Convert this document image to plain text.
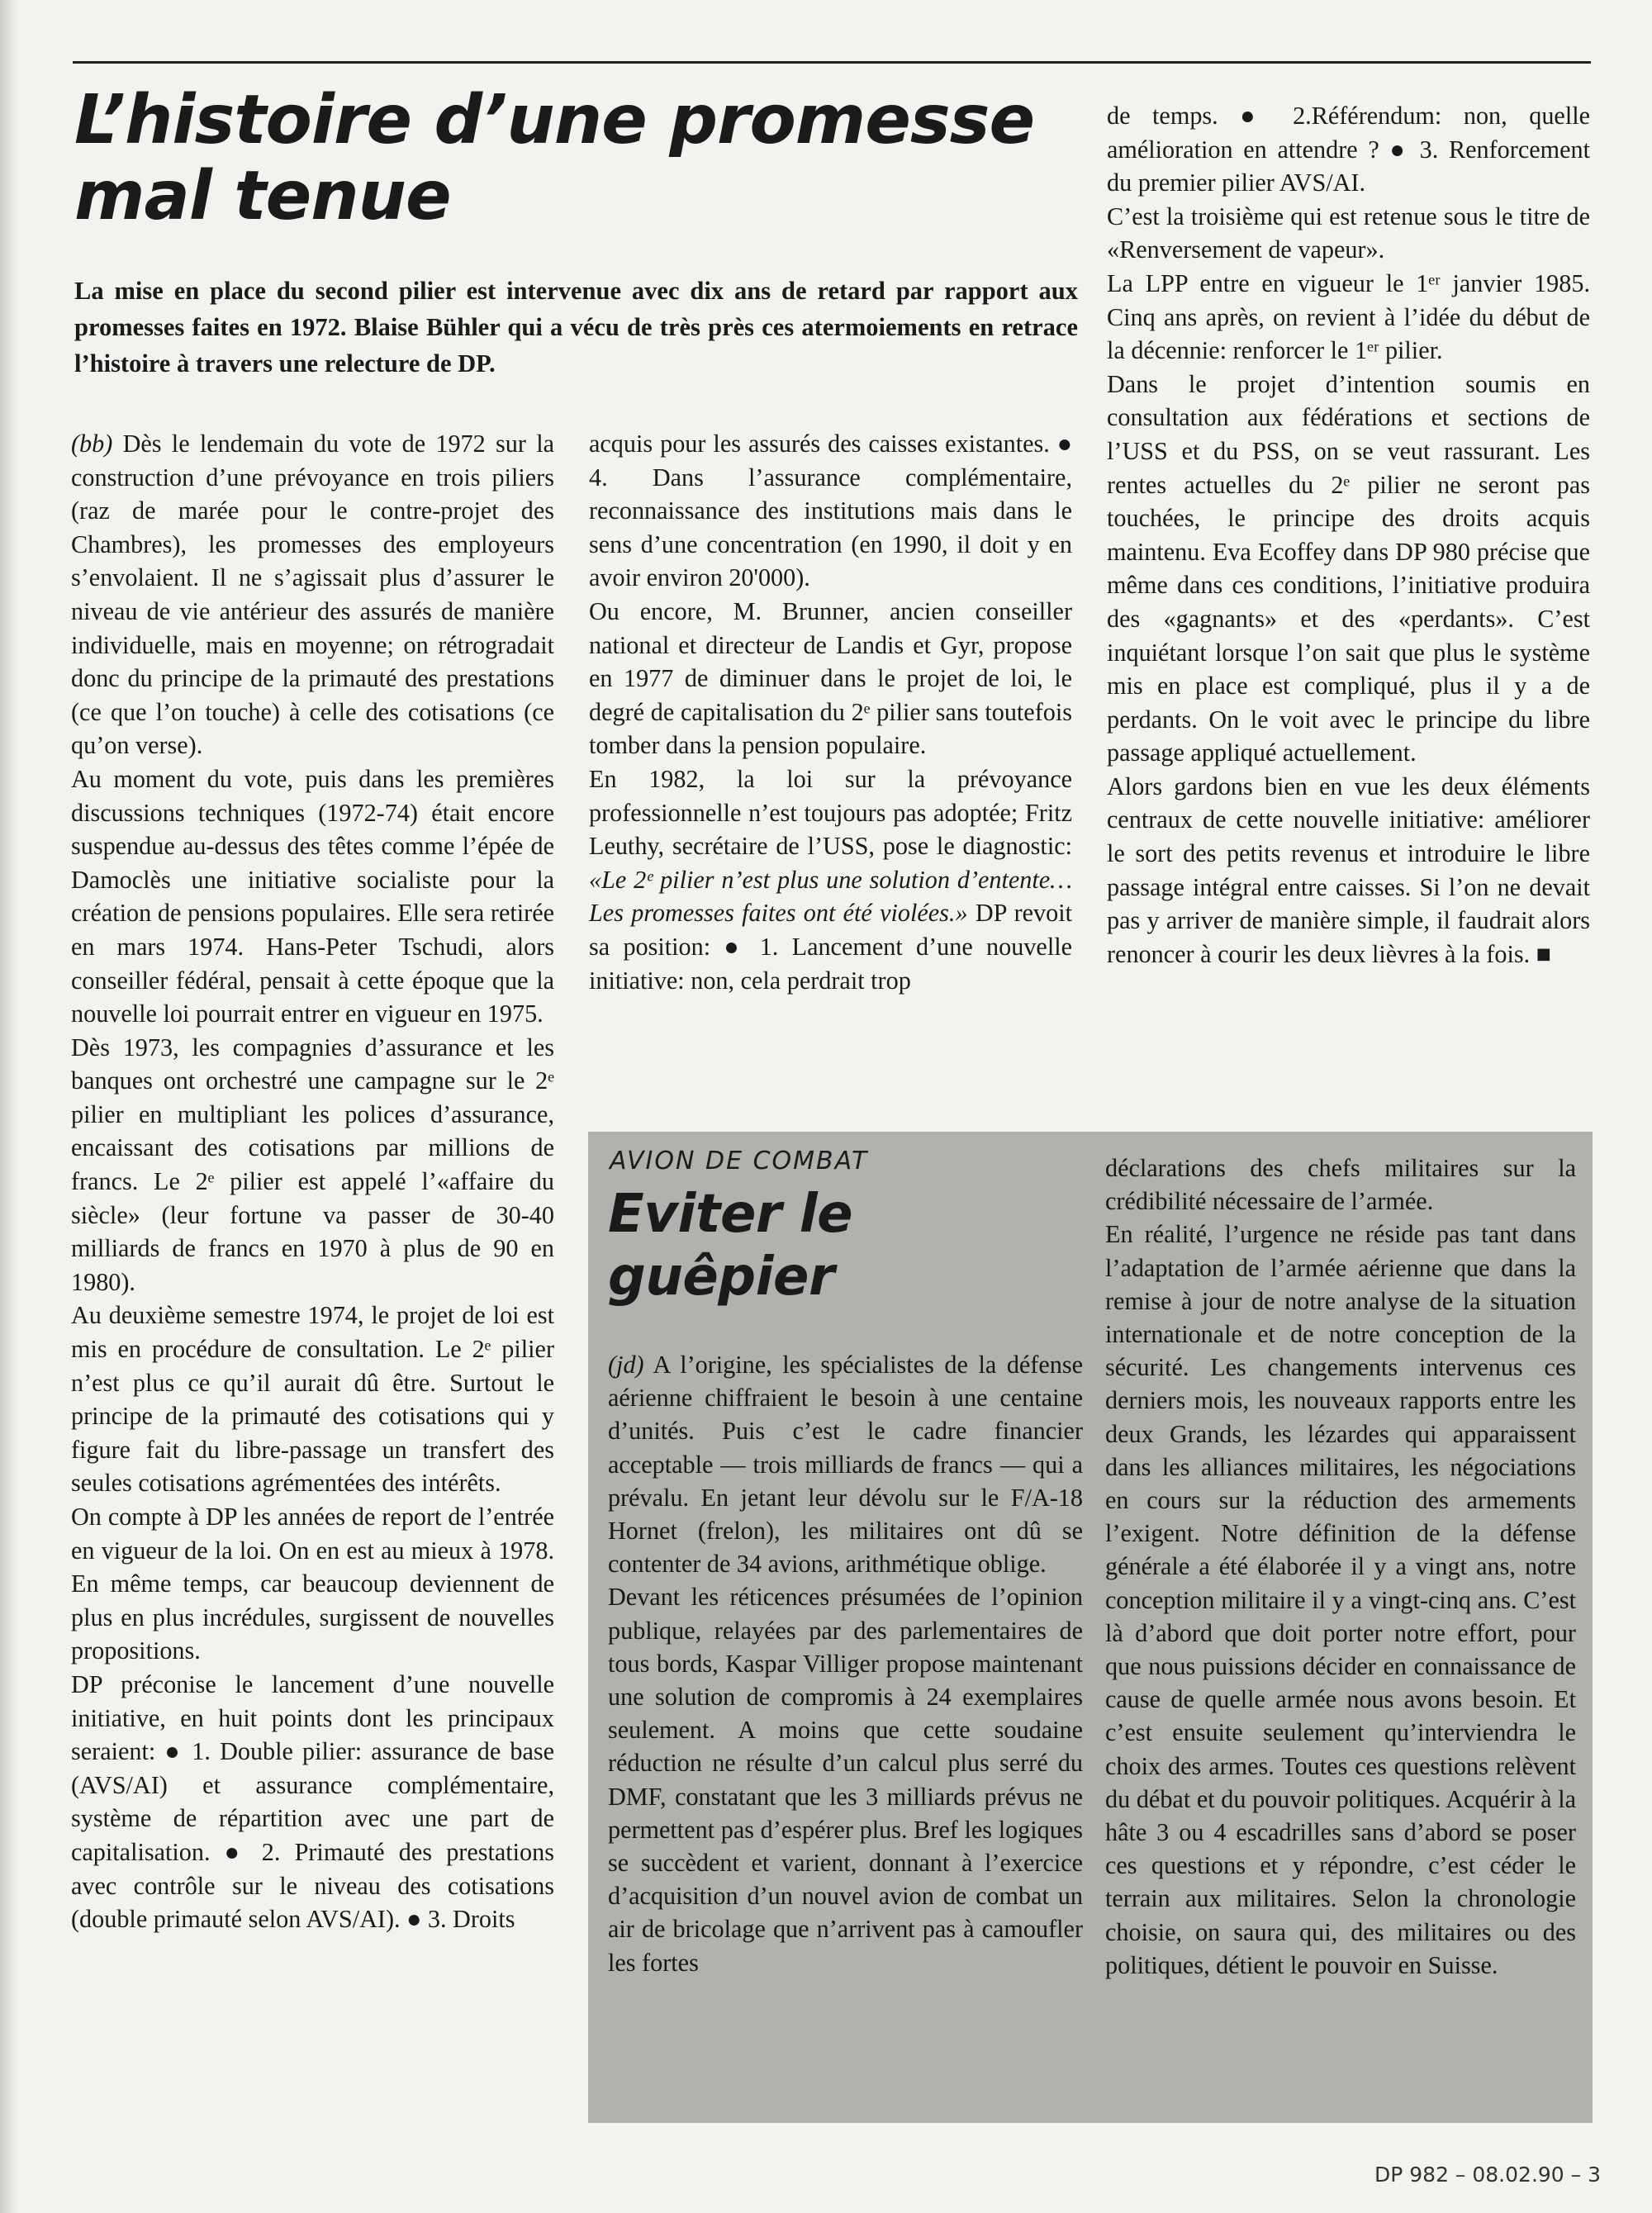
L’histoire d’une promesse
mal tenue

La mise en place du second pilier est intervenue avec dix ans de retard par rapport aux promesses faites en 1972. Blaise Bühler qui a vécu de très près ces atermoiements en retrace l’histoire à travers une relecture de DP.

(bb) Dès le lendemain du vote de 1972 sur la construction d’une prévoyance en trois piliers (raz de marée pour le contre-projet des Chambres), les promesses des employeurs s’envolaient. Il ne s’agissait plus d’assurer le niveau de vie antérieur des assurés de manière individuelle, mais en moyenne; on rétrogradait donc du principe de la primauté des prestations (ce que l’on touche) à celle des cotisations (ce qu’on verse).

Au moment du vote, puis dans les premières discussions techniques (1972-74) était encore suspendue au-dessus des têtes comme l’épée de Damoclès une initiative socialiste pour la création de pensions populaires. Elle sera retirée en mars 1974. Hans-Peter Tschudi, alors conseiller fédéral, pensait à cette époque que la nouvelle loi pourrait entrer en vigueur en 1975.

Dès 1973, les compagnies d’assurance et les banques ont orchestré une campagne sur le 2ᵉ pilier en multipliant les polices d’assurance, encaissant des cotisations par millions de francs. Le 2ᵉ pilier est appelé l’«affaire du siècle» (leur fortune va passer de 30-40 milliards de francs en 1970 à plus de 90 en 1980).

Au deuxième semestre 1974, le projet de loi est mis en procédure de consultation. Le 2ᵉ pilier n’est plus ce qu’il aurait dû être. Surtout le principe de la primauté des cotisations qui y figure fait du libre-passage un transfert des seules cotisations agrémentées des intérêts.

On compte à DP les années de report de l’entrée en vigueur de la loi. On en est au mieux à 1978. En même temps, car beaucoup deviennent de plus en plus incrédules, surgissent de nouvelles propositions.

DP préconise le lancement d’une nouvelle initiative, en huit points dont les principaux seraient: ● 1. Double pilier: assurance de base (AVS/AI) et assurance complémentaire, système de répartition avec une part de capitalisation. ● 2. Primauté des prestations avec contrôle sur le niveau des cotisations (double primauté selon AVS/AI). ● 3. Droits

acquis pour les assurés des caisses existantes. ● 4. Dans l’assurance complémentaire, reconnaissance des institutions mais dans le sens d’une concentration (en 1990, il doit y en avoir environ 20'000).

Ou encore, M. Brunner, ancien conseiller national et directeur de Landis et Gyr, propose en 1977 de diminuer dans le projet de loi, le degré de capitalisation du 2ᵉ pilier sans toutefois tomber dans la pension populaire.

En 1982, la loi sur la prévoyance professionnelle n’est toujours pas adoptée; Fritz Leuthy, secrétaire de l’USS, pose le diagnostic: «Le 2ᵉ pilier n’est plus une solution d’entente… Les promesses faites ont été violées.» DP revoit sa position: ● 1. Lancement d’une nouvelle initiative: non, cela perdrait trop

de temps. ● 2.Référendum: non, quelle amélioration en attendre ? ● 3. Renforcement du premier pilier AVS/AI.

C’est la troisième qui est retenue sous le titre de «Renversement de vapeur».

La LPP entre en vigueur le 1ᵉʳ janvier 1985. Cinq ans après, on revient à l’idée du début de la décennie: renforcer le 1ᵉʳ pilier.

Dans le projet d’intention soumis en consultation aux fédérations et sections de l’USS et du PSS, on se veut rassurant. Les rentes actuelles du 2ᵉ pilier ne seront pas touchées, le principe des droits acquis maintenu. Eva Ecoffey dans DP 980 précise que même dans ces conditions, l’initiative produira des «gagnants» et des «perdants». C’est inquiétant lorsque l’on sait que plus le système mis en place est compliqué, plus il y a de perdants. On le voit avec le principe du libre passage appliqué actuellement.

Alors gardons bien en vue les deux éléments centraux de cette nouvelle initiative: améliorer le sort des petits revenus et introduire le libre passage intégral entre caisses. Si l’on ne devait pas y arriver de manière simple, il faudrait alors renoncer à courir les deux lièvres à la fois. ■

AVION DE COMBAT

Eviter le
guêpier

(jd) A l’origine, les spécialistes de la défense aérienne chiffraient le besoin à une centaine d’unités. Puis c’est le cadre financier acceptable — trois milliards de francs — qui a prévalu. En jetant leur dévolu sur le F/A-18 Hornet (frelon), les militaires ont dû se contenter de 34 avions, arithmétique oblige.

Devant les réticences présumées de l’opinion publique, relayées par des parlementaires de tous bords, Kaspar Villiger propose maintenant une solution de compromis à 24 exemplaires seulement. A moins que cette soudaine réduction ne résulte d’un calcul plus serré du DMF, constatant que les 3 milliards prévus ne permettent pas d’espérer plus. Bref les logiques se succèdent et varient, donnant à l’exercice d’acquisition d’un nouvel avion de combat un air de bricolage que n’arrivent pas à camoufler les fortes

déclarations des chefs militaires sur la crédibilité nécessaire de l’armée.

En réalité, l’urgence ne réside pas tant dans l’adaptation de l’armée aérienne que dans la remise à jour de notre analyse de la situation internationale et de notre conception de la sécurité. Les changements intervenus ces derniers mois, les nouveaux rapports entre les deux Grands, les lézardes qui apparaissent dans les alliances militaires, les négociations en cours sur la réduction des armements l’exigent. Notre définition de la défense générale a été élaborée il y a vingt ans, notre conception militaire il y a vingt-cinq ans. C’est là d’abord que doit porter notre effort, pour que nous puissions décider en connaissance de cause de quelle armée nous avons besoin. Et c’est ensuite seulement qu’interviendra le choix des armes. Toutes ces questions relèvent du débat et du pouvoir politiques. Acquérir à la hâte 3 ou 4 escadrilles sans d’abord se poser ces questions et y répondre, c’est céder le terrain aux militaires. Selon la chronologie choisie, on saura qui, des militaires ou des politiques, détient le pouvoir en Suisse.

DP 982 – 08.02.90 – 3
